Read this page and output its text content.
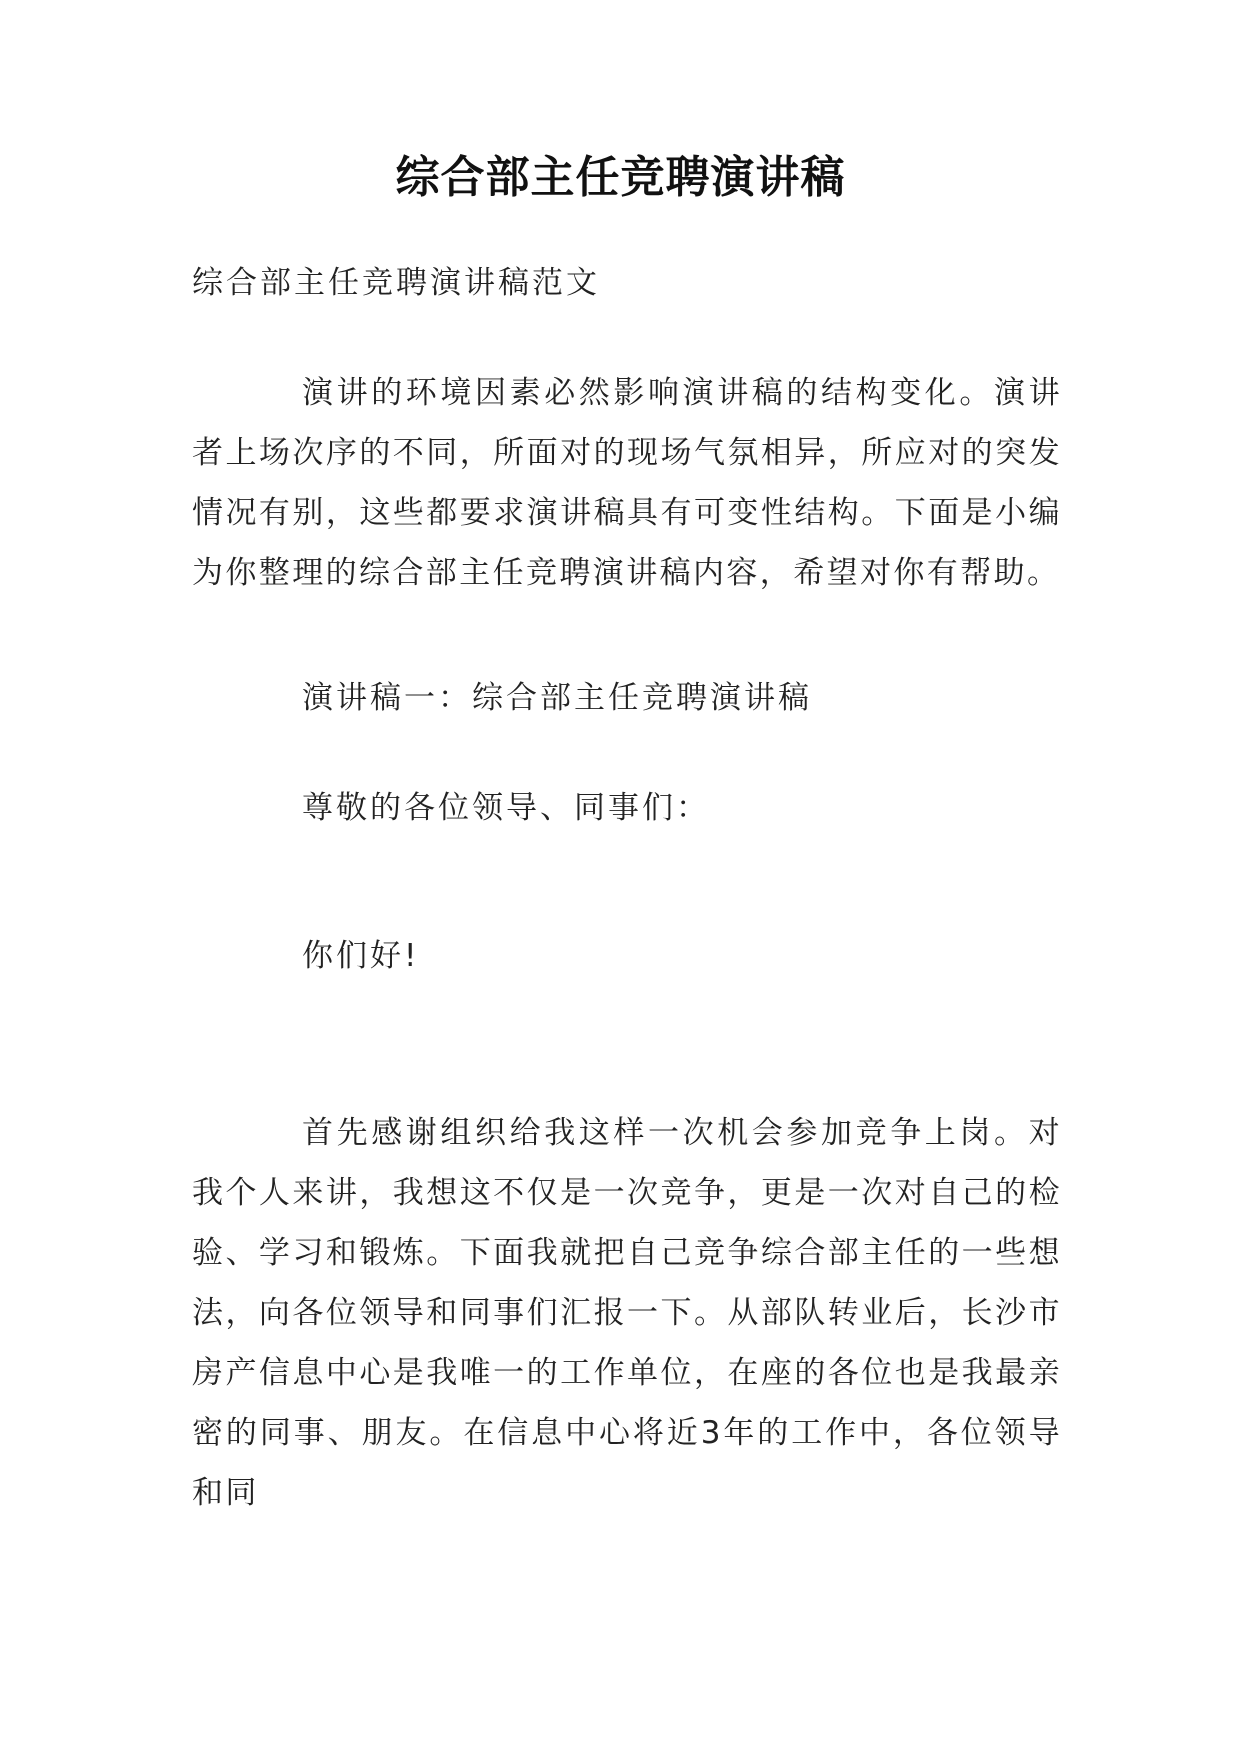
综合部主任竞聘演讲稿
综合部主任竞聘演讲稿范文
演讲的环境因素必然影响演讲稿的结构变化。演讲者上场次序的不同，所面对的现场气氛相异，所应对的突发情况有别，这些都要求演讲稿具有可变性结构。下面是小编为你整理的综合部主任竞聘演讲稿内容，希望对你有帮助。
演讲稿一：综合部主任竞聘演讲稿
尊敬的各位领导、同事们：
你们好!
首先感谢组织给我这样一次机会参加竞争上岗。对我个人来讲，我想这不仅是一次竞争，更是一次对自己的检验、学习和锻炼。下面我就把自己竞争综合部主任的一些想法，向各位领导和同事们汇报一下。从部队转业后，长沙市房产信息中心是我唯一的工作单位，在座的各位也是我最亲密的同事、朋友。在信息中心将近3年的工作中，各位领导和同
